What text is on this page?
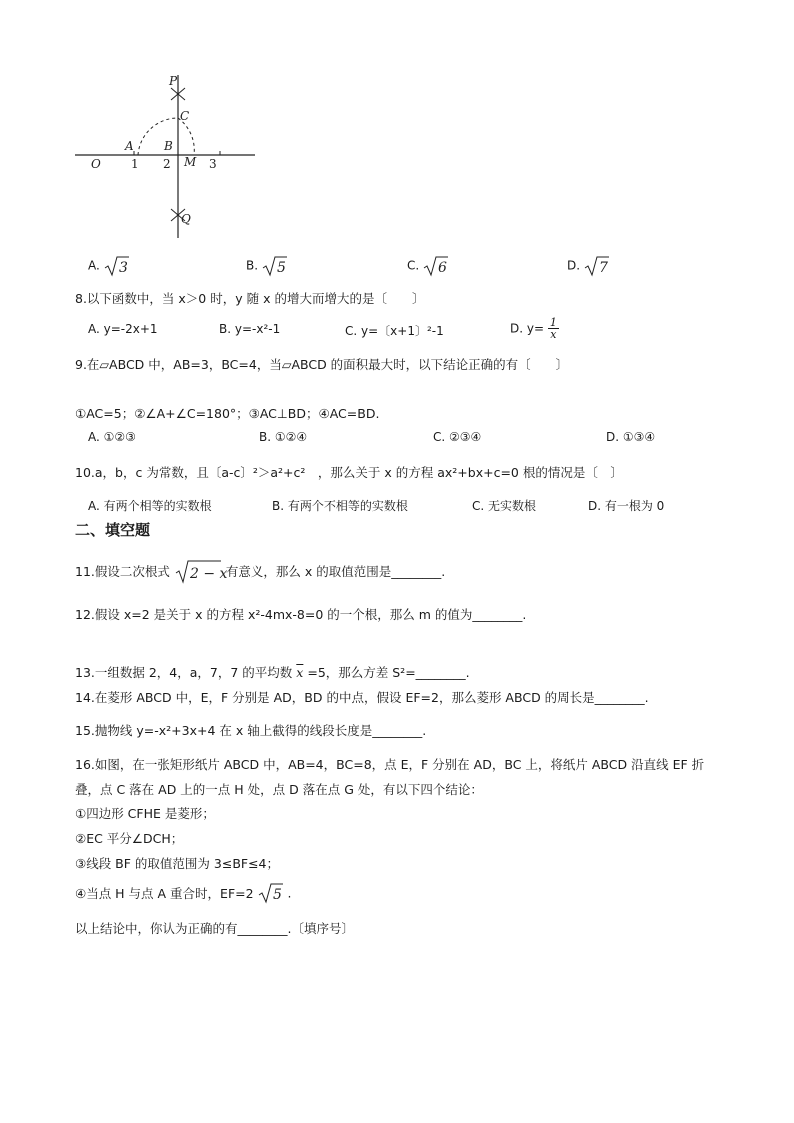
P
C
A	B
O	M
Q
1 2	3
A. 3	B. 5	C. 6	D. 7
8.以下函数中，当 x＞0 时，y 随 x 的增大而增大的是〔　　〕
A. y=-2x+1	B. y=-x²-1	C. y=〔x+1〕²-1	D. $y= \frac{1}{x}$
9.在▱ABCD 中，AB=3，BC=4，当▱ABCD 的面积最大时，以下结论正确的有〔　　〕
①AC=5；②∠A+∠C=180°；③AC⊥BD；④AC=BD.
A. ①②③	B. ①②④	C. ②③④	D. ①③④
10.a，b，c 为常数，且〔a-c〕²＞a²+c²　，那么关于 x 的方程 ax²+bx+c=0 根的情况是〔　〕
A. 有两个相等的实数根	B. 有两个不相等的实数根	C. 无实数根	D. 有一根为 0
二、填空题
11.假设二次根式 2 − x
有意义，那么 x 的取值范围是________.
12.假设 x=2 是关于 x 的方程 x²-4mx-8=0 的一个根，那么 m 的值为________.
13.一组数据 2，4，a，7，7 的平均数 $\overline{x} =5$，那么方差 S²=________.
14.在菱形 ABCD 中，E，F 分别是 AD，BD 的中点，假设 EF=2，那么菱形 ABCD 的周长是________.
15.抛物线 y=-x²+3x+4 在 x 轴上截得的线段长度是________.
16.如图，在一张矩形纸片 ABCD 中，AB=4，BC=8，点 E，F 分别在 AD，BC 上，将纸片 ABCD 沿直线 EF 折
叠，点 C 落在 AD 上的一点 H 处，点 D 落在点 G 处，有以下四个结论：
①四边形 CFHE 是菱形；
②EC 平分∠DCH；
③线段 BF 的取值范围为 3≤BF≤4；
④当点 H 与点 A 重合时，EF=2 5 .
以上结论中，你认为正确的有________.〔填序号〕
